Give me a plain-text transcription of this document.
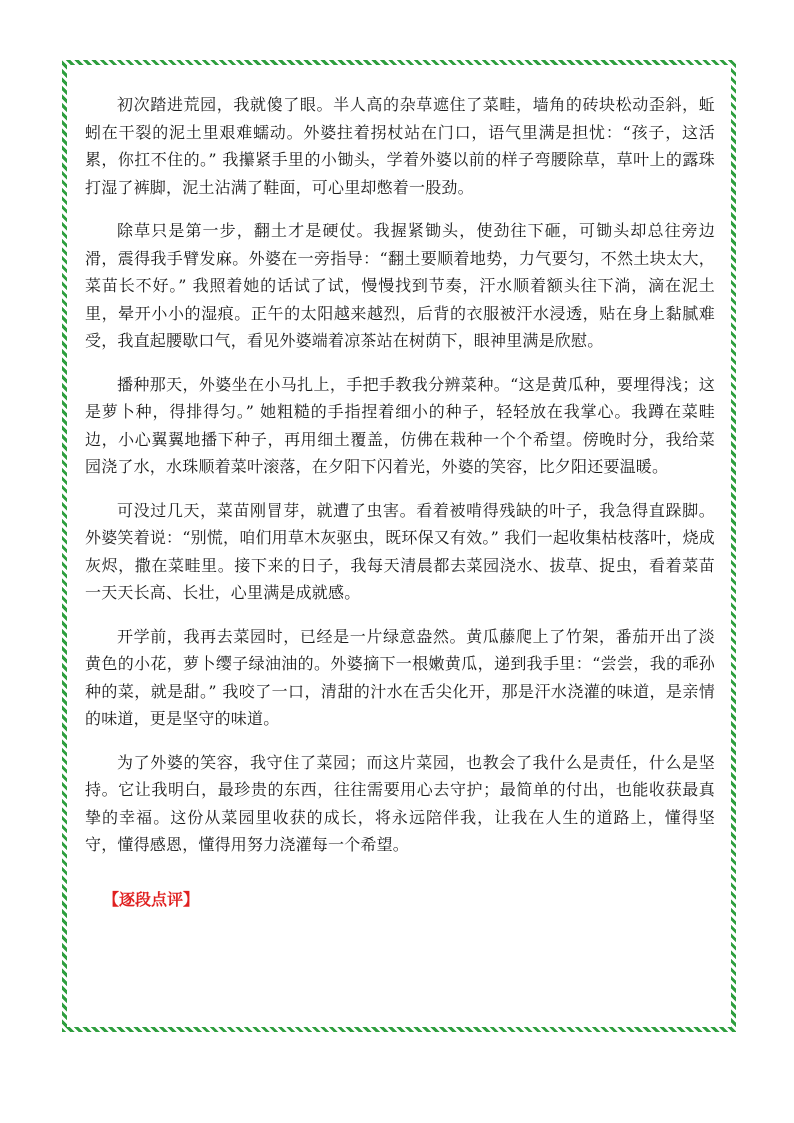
初次踏进荒园，我就傻了眼。半人高的杂草遮住了菜畦，墙角的砖块松动歪斜，蚯蚓在干裂的泥土里艰难蠕动。外婆拄着拐杖站在门口，语气里满是担忧：“孩子，这活累，你扛不住的。” 我攥紧手里的小锄头，学着外婆以前的样子弯腰除草，草叶上的露珠打湿了裤脚，泥土沾满了鞋面，可心里却憋着一股劲。

除草只是第一步，翻土才是硬仗。我握紧锄头，使劲往下砸，可锄头却总往旁边滑，震得我手臂发麻。外婆在一旁指导：“翻土要顺着地势，力气要匀，不然土块太大，菜苗长不好。” 我照着她的话试了试，慢慢找到节奏，汗水顺着额头往下淌，滴在泥土里，晕开小小的湿痕。正午的太阳越来越烈，后背的衣服被汗水浸透，贴在身上黏腻难受，我直起腰歇口气，看见外婆端着凉茶站在树荫下，眼神里满是欣慰。

播种那天，外婆坐在小马扎上，手把手教我分辨菜种。“这是黄瓜种，要埋得浅；这是萝卜种，得排得匀。” 她粗糙的手指捏着细小的种子，轻轻放在我掌心。我蹲在菜畦边，小心翼翼地播下种子，再用细土覆盖，仿佛在栽种一个个希望。傍晚时分，我给菜园浇了水，水珠顺着菜叶滚落，在夕阳下闪着光，外婆的笑容，比夕阳还要温暖。

可没过几天，菜苗刚冒芽，就遭了虫害。看着被啃得残缺的叶子，我急得直跺脚。外婆笑着说：“别慌，咱们用草木灰驱虫，既环保又有效。” 我们一起收集枯枝落叶，烧成灰烬，撒在菜畦里。接下来的日子，我每天清晨都去菜园浇水、拔草、捉虫，看着菜苗一天天长高、长壮，心里满是成就感。

开学前，我再去菜园时，已经是一片绿意盎然。黄瓜藤爬上了竹架，番茄开出了淡黄色的小花，萝卜缨子绿油油的。外婆摘下一根嫩黄瓜，递到我手里：“尝尝，我的乖孙种的菜，就是甜。” 我咬了一口，清甜的汁水在舌尖化开，那是汗水浇灌的味道，是亲情的味道，更是坚守的味道。

为了外婆的笑容，我守住了菜园；而这片菜园，也教会了我什么是责任，什么是坚持。它让我明白，最珍贵的东西，往往需要用心去守护；最简单的付出，也能收获最真挚的幸福。这份从菜园里收获的成长，将永远陪伴我，让我在人生的道路上，懂得坚守，懂得感恩，懂得用努力浇灌每一个希望。

【逐段点评】
